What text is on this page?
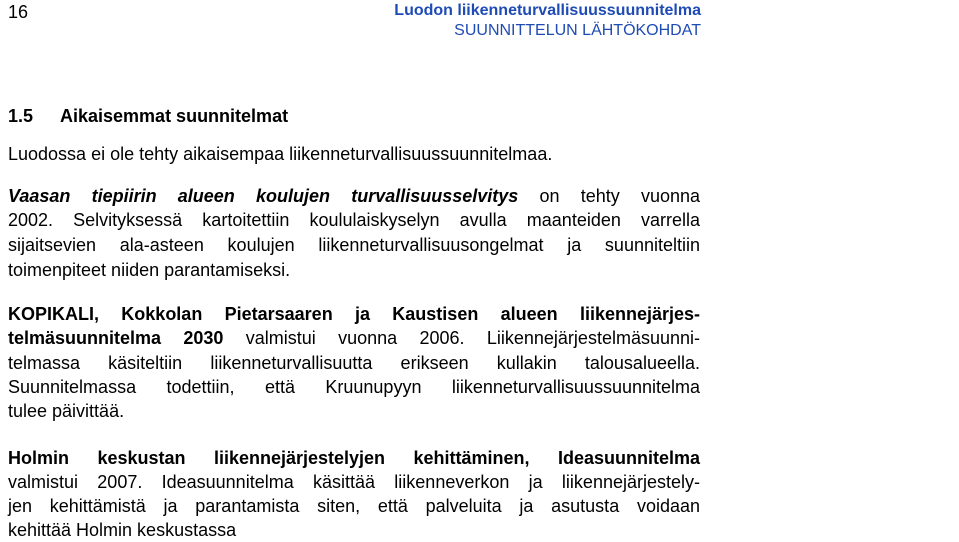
16	Luodon liikenneturvallisuussuunnitelma
SUUNNITTELUN LÄHTÖKOHDAT
1.5 Aikaisemmat suunnitelmat
Luodossa ei ole tehty aikaisempaa liikenneturvallisuussuunnitelmaa.
Vaasan tiepiirin alueen koulujen turvallisuusselvitys on tehty vuonna
2002. Selvityksessä kartoitettiin koululaiskyselyn avulla maanteiden varrella
sijaitsevien ala-asteen koulujen liikenneturvallisuusongelmat ja suunniteltiin
toimenpiteet niiden parantamiseksi.
KOPIKALI, Kokkolan Pietarsaaren ja Kaustisen alueen liikennejärjes-
telmäsuunnitelma 2030 valmistui vuonna 2006. Liikennejärjestelmäsuunni-
telmassa käsiteltiin liikenneturvallisuutta erikseen kullakin talousalueella.
Suunnitelmassa todettiin, että Kruunupyyn liikenneturvallisuussuunnitelma
tulee päivittää.
Holmin keskustan liikennejärjestelyjen kehittäminen, Ideasuunnitelma
valmistui 2007. Ideasuunnitelma käsittää liikenneverkon ja liikennejärjestely-
jen kehittämistä ja parantamista siten, että palveluita ja asutusta voidaan
kehittää Holmin keskustassa
